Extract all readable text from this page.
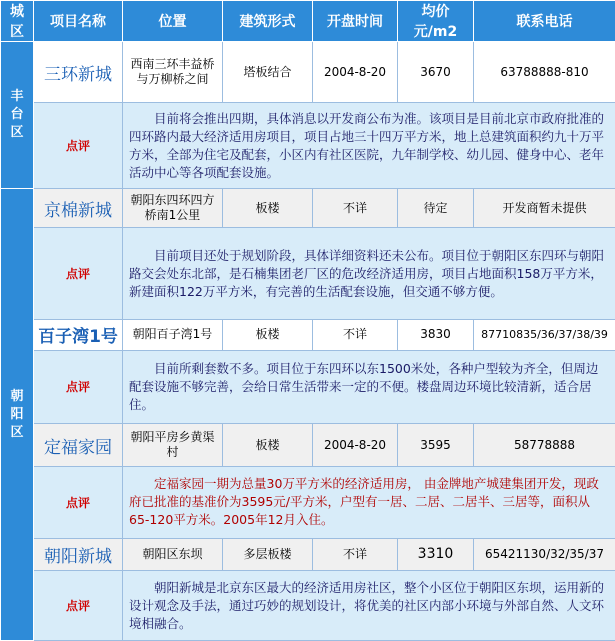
城区	项目名称	位置	建筑形式	开盘时间	均价元/m2	联系电话

丰台区	三环新城	西南三环丰益桥与万柳桥之间	塔板结合	2004-8-20	3670	63788888-810
	点评	目前将会推出四期，具体消息以开发商公布为准。该项目是目前北京市政府批准的四环路内最大经济适用房项目，项目占地三十四万平方米，地上总建筑面积约九十万平方米，全部为住宅及配套，小区内有社区医院，九年制学校、幼儿园、健身中心、老年活动中心等各项配套设施。				

朝阳区	京棉新城	朝阳东四环四方桥南1公里	板楼	不详	待定	开发商暂未提供
	点评	目前项目还处于规划阶段，具体详细资料还未公布。项目位于朝阳区东四环与朝阳路交会处东北部，是石楠集团老厂区的危改经济适用房，项目占地面积158万平方米，新建面积122万平方米，有完善的生活配套设施，但交通不够方便。				
	百子湾1号	朝阳百子湾1号	板楼	不详	3830	87710835/36/37/38/39
	点评	目前所剩套数不多。项目位于东四环以东1500米处，各种户型较为齐全，但周边配套设施不够完善，会给日常生活带来一定的不便。楼盘周边环境比较清新，适合居住。				
	定福家园	朝阳平房乡黄渠村	板楼	2004-8-20	3595	58778888
	点评	定福家园一期为总量30万平方米的经济适用房， 由金牌地产城建集团开发，现政府已批准的基准价为3595元/平方米，户型有一居、二居、二居半、三居等，面积从65-120平方米。2005年12月入住。				
	朝阳新城	朝阳区东坝	多层板楼	不详	3310	65421130/32/35/37
	点评	朝阳新城是北京东区最大的经济适用房社区，整个小区位于朝阳区东坝，运用新的设计观念及手法，通过巧妙的规划设计，将优美的社区内部小环境与外部自然、人文环境相融合。				
